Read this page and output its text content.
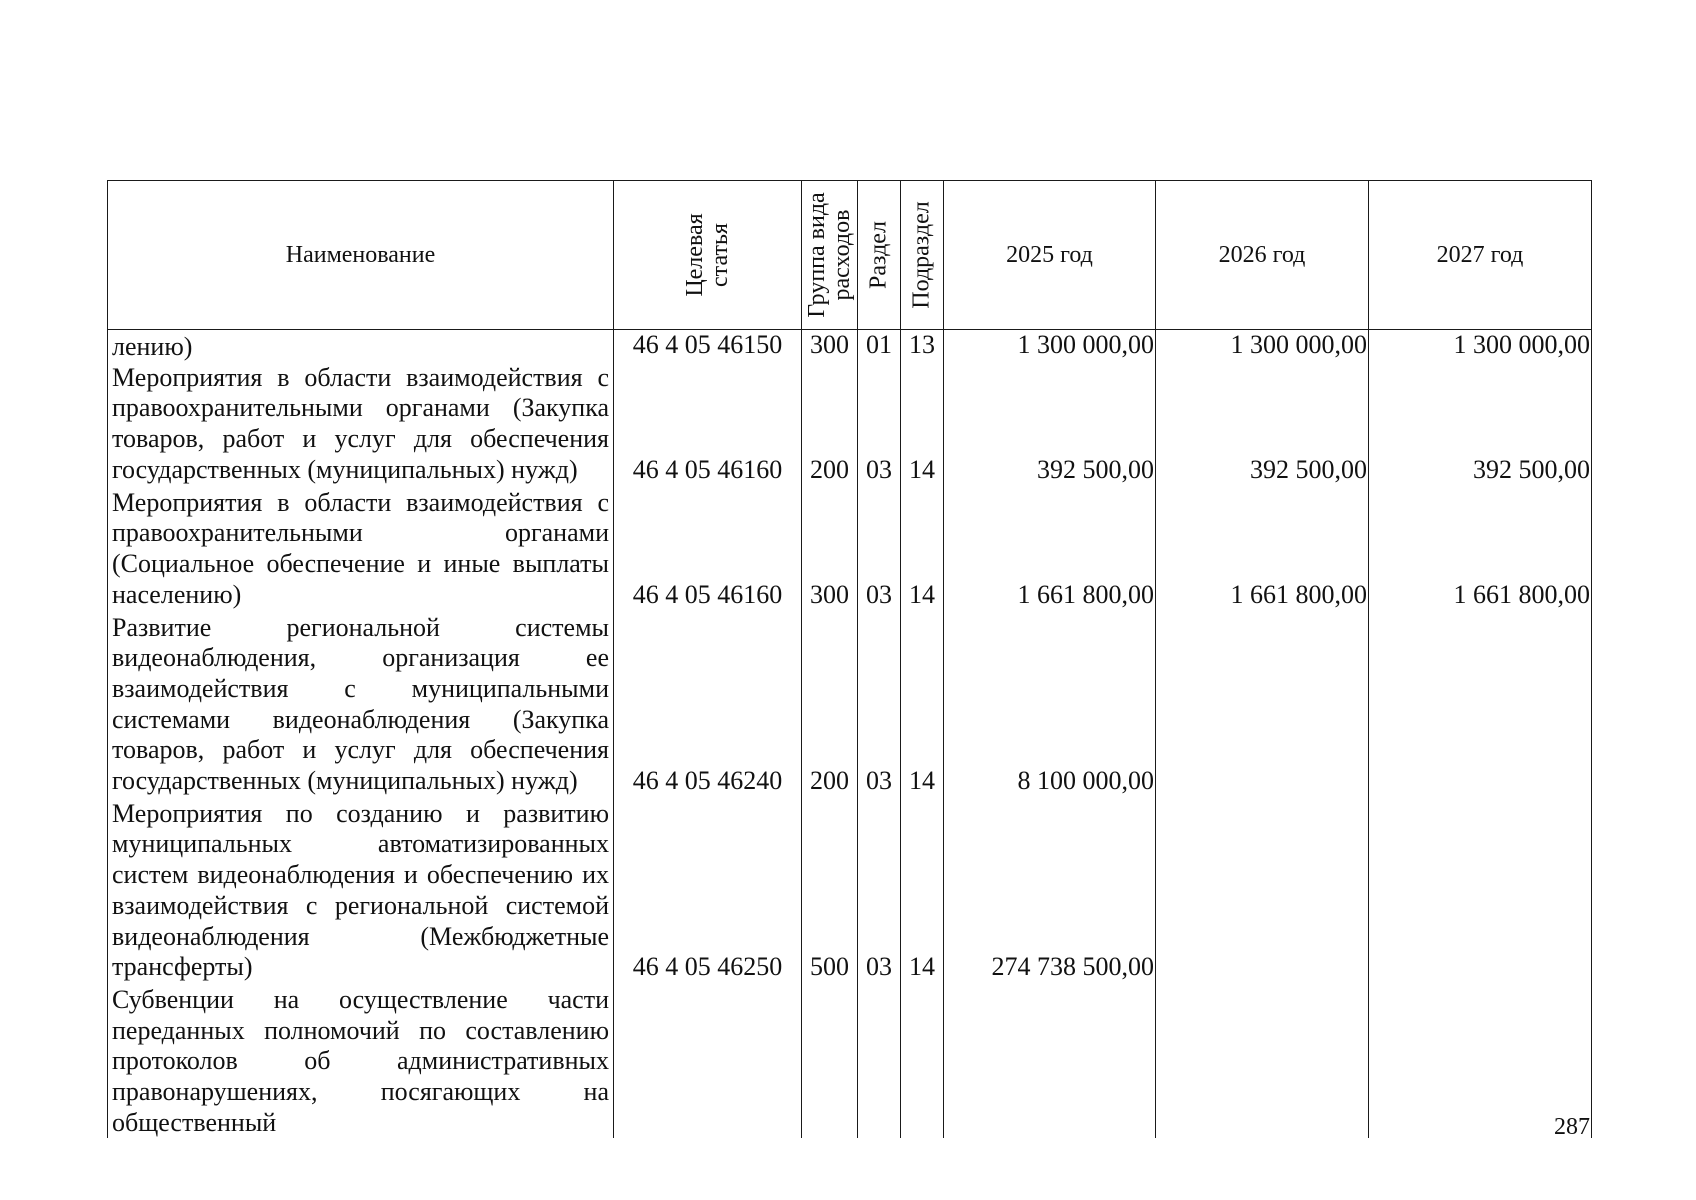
Наименование	Целевая статья	Группа вида расходов	Раздел	Подраздел	2025 год	2026 год	2027 год
лению)	46 4 05 46150	300	01	13	1 300 000,00	1 300 000,00	1 300 000,00
Мероприятия в области взаимодействия с правоохранительными органами (Закупка товаров, работ и услуг для обеспечения государственных (муниципальных) нужд)	46 4 05 46160	200	03	14	392 500,00	392 500,00	392 500,00
Мероприятия в области взаимодействия с правоохранительными органами (Социальное обеспечение и иные выплаты населению)	46 4 05 46160	300	03	14	1 661 800,00	1 661 800,00	1 661 800,00
Развитие региональной системы видеонаблюдения, организация ее взаимодействия с муниципальными системами видеонаблюдения (Закупка товаров, работ и услуг для обеспечения государственных (муниципальных) нужд)	46 4 05 46240	200	03	14	8 100 000,00		
Мероприятия по созданию и развитию муниципальных автоматизированных систем видеонаблюдения и обеспечению их взаимодействия с региональной системой видеонаблюдения (Межбюджетные трансферты)	46 4 05 46250	500	03	14	274 738 500,00		
Субвенции на осуществление части переданных полномочий по составлению протоколов об административных правонарушениях, посягающих на общественный								287
